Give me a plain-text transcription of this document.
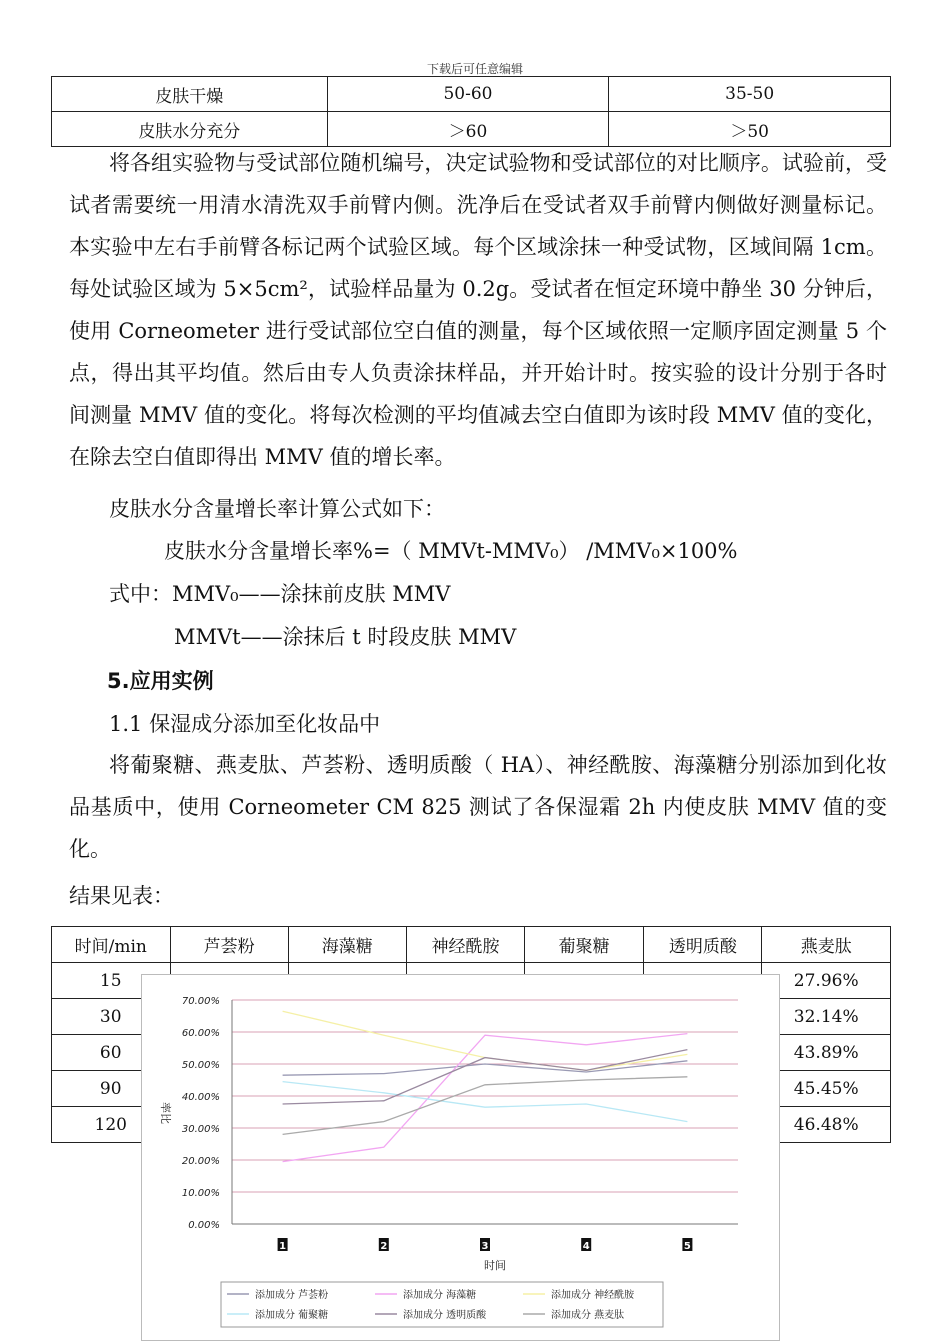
下载后可任意编辑
皮肤干燥	50-60	35-50
皮肤水分充分	＞60	＞50

将各组实验物与受试部位随机编号，决定试验物和受试部位的对比顺序。试验前，受试者需要统一用清水清洗双手前臂内侧。洗净后在受试者双手前臂内侧做好测量标记。本实验中左右手前臂各标记两个试验区域。每个区域涂抹一种受试物，区域间隔 1cm。每处试验区域为 5×5cm²，试验样品量为 0.2g。受试者在恒定环境中静坐 30 分钟后，使用 Corneometer 进行受试部位空白值的测量，每个区域依照一定顺序固定测量 5 个点，得出其平均值。然后由专人负责涂抹样品，并开始计时。按实验的设计分别于各时间测量 MMV 值的变化。将每次检测的平均值减去空白值即为该时段 MMV 值的变化，在除去空白值即得出 MMV 值的增长率。

皮肤水分含量增长率计算公式如下：
皮肤水分含量增长率%=（ MMVt-MMV₀） /MMV₀×100%
式中：MMV₀——涂抹前皮肤 MMV
MMVt——涂抹后 t 时段皮肤 MMV
5.应用实例
1.1 保湿成分添加至化妆品中

将葡聚糖、燕麦肽、芦荟粉、透明质酸（ HA）、神经酰胺、海藻糖分别添加到化妆品基质中，使用 Corneometer CM 825 测试了各保湿霜 2h 内使皮肤 MMV 值的变化。

结果见表：
时间/min	芦荟粉	海藻糖	神经酰胺	葡聚糖	透明质酸	燕麦肽
15						27.96%
30						32.14%
60						43.89%
90						45.45%
120						46.48%
0.00%
10.00%
20.00%
30.00%
40.00%
50.00%
60.00%
70.00%
1	2	3	4	5
时间
率比
添加成分 芦荟粉	添加成分 海藻糖	添加成分 神经酰胺
添加成分 葡聚糖	添加成分 透明质酸	添加成分 燕麦肽
